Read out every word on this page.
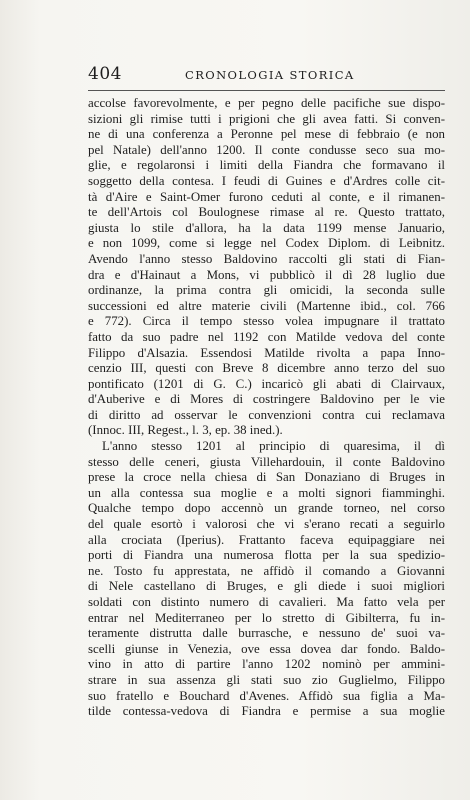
404	CRONOLOGIA STORICA
accolse favorevolmente, e per pegno delle pacifiche sue dispo-
sizioni gli rimise tutti i prigioni che gli avea fatti. Si conven-
ne di una conferenza a Peronne pel mese di febbraio (e non
pel Natale) dell'anno 1200. Il conte condusse seco sua mo-
glie, e regolaronsi i limiti della Fiandra che formavano il
soggetto della contesa. I feudi di Guines e d'Ardres colle cit-
tà d'Aire e Saint-Omer furono ceduti al conte, e il rimanen-
te dell'Artois col Boulognese rimase al re. Questo trattato,
giusta lo stile d'allora, ha la data 1199 mense Januario,
e non 1099, come si legge nel Codex Diplom. di Leibnitz.
Avendo l'anno stesso Baldovino raccolti gli stati di Fian-
dra e d'Hainaut a Mons, vi pubblicò il dì 28 luglio due
ordinanze, la prima contra gli omicidi, la seconda sulle
successioni ed altre materie civili (Martenne ibid., col. 766
e 772). Circa il tempo stesso volea impugnare il trattato
fatto da suo padre nel 1192 con Matilde vedova del conte
Filippo d'Alsazia. Essendosi Matilde rivolta a papa Inno-
cenzio III, questi con Breve 8 dicembre anno terzo del suo
pontificato (1201 di G. C.) incaricò gli abati di Clairvaux,
d'Auberive e di Mores di costringere Baldovino per le vie
di diritto ad osservar le convenzioni contra cui reclamava
(Innoc. III, Regest., l. 3, ep. 38 ined.).
L'anno stesso 1201 al principio di quaresima, il dì
stesso delle ceneri, giusta Villehardouin, il conte Baldovino
prese la croce nella chiesa di San Donaziano di Bruges in
un alla contessa sua moglie e a molti signori fiamminghi.
Qualche tempo dopo accennò un grande torneo, nel corso
del quale esortò i valorosi che vi s'erano recati a seguirlo
alla crociata (Iperius). Frattanto faceva equipaggiare nei
porti di Fiandra una numerosa flotta per la sua spedizio-
ne. Tosto fu apprestata, ne affidò il comando a Giovanni
di Nele castellano di Bruges, e gli diede i suoi migliori
soldati con distinto numero di cavalieri. Ma fatto vela per
entrar nel Mediterraneo per lo stretto di Gibilterra, fu in-
teramente distrutta dalle burrasche, e nessuno de' suoi va-
scelli giunse in Venezia, ove essa dovea dar fondo. Baldo-
vino in atto di partire l'anno 1202 nominò per ammini-
strare in sua assenza gli stati suo zio Guglielmo, Filippo
suo fratello e Bouchard d'Avenes. Affidò sua figlia a Ma-
tilde contessa-vedova di Fiandra e permise a sua moglie
